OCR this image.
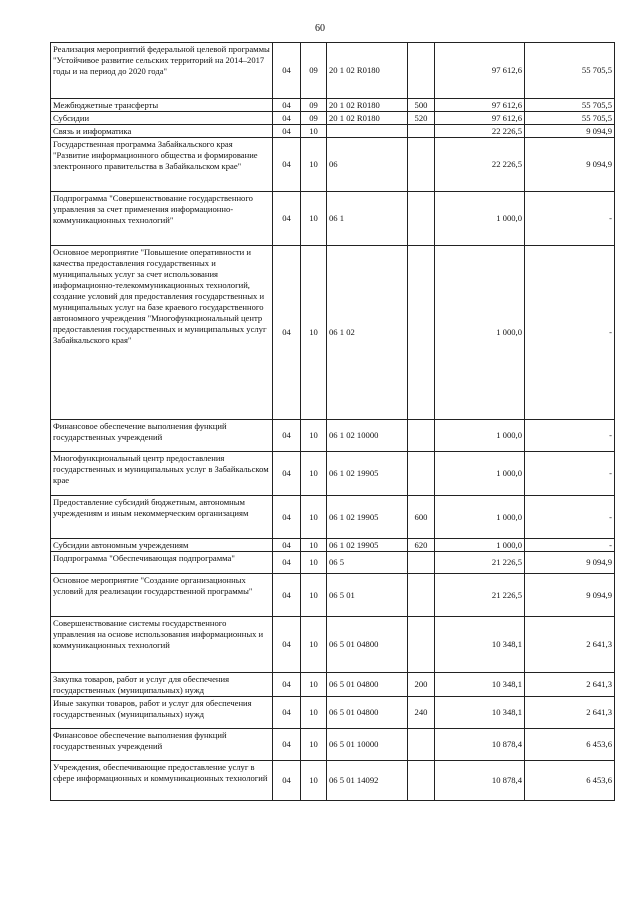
60
Реализация мероприятий федеральной целевой программы "Устойчивое развитие сельских территорий на 2014–2017 годы и на период до 2020 года"	04	09	20 1 02 R0180		97 612,6	55 705,5
Межбюджетные трансферты	04	09	20 1 02 R0180	500	97 612,6	55 705,5
Субсидии	04	09	20 1 02 R0180	520	97 612,6	55 705,5
Связь и информатика	04	10			22 226,5	9 094,9
Государственная программа Забайкальского края "Развитие информационного общества и формирование электронного правительства в Забайкальском крае"	04	10	06		22 226,5	9 094,9
Подпрограмма "Совершенствование государственного управления за счет применения информационно-коммуникационных технологий"	04	10	06 1		1 000,0	-
Основное мероприятие "Повышение оперативности и качества предоставления государственных и муниципальных услуг за счет использования информационно-телекоммуникационных технологий, создание условий для предоставления государственных и муниципальных услуг на базе краевого государственного автономного учреждения "Многофункциональный центр предоставления государственных и муниципальных услуг Забайкальского края"	04	10	06 1 02		1 000,0	-
Финансовое обеспечение выполнения функций государственных учреждений	04	10	06 1 02 10000		1 000,0	-
Многофункциональный центр предоставления государственных и муниципальных услуг в Забайкальском крае	04	10	06 1 02 19905		1 000,0	-
Предоставление субсидий бюджетным, автономным учреждениям и иным некоммерческим организациям	04	10	06 1 02 19905	600	1 000,0	-
Субсидии автономным учреждениям	04	10	06 1 02 19905	620	1 000,0	-
Подпрограмма "Обеспечивающая подпрограмма"	04	10	06 5		21 226,5	9 094,9
Основное мероприятие "Создание организационных условий для реализации государственной программы"	04	10	06 5 01		21 226,5	9 094,9
Совершенствование системы государственного управления на основе использования информационных и коммуникационных технологий	04	10	06 5 01 04800		10 348,1	2 641,3
Закупка товаров, работ и услуг для обеспечения государственных (муниципальных) нужд	04	10	06 5 01 04800	200	10 348,1	2 641,3
Иные закупки товаров, работ и услуг для обеспечения государственных (муниципальных) нужд	04	10	06 5 01 04800	240	10 348,1	2 641,3
Финансовое обеспечение выполнения функций государственных учреждений	04	10	06 5 01 10000		10 878,4	6 453,6
Учреждения, обеспечивающие предоставление услуг в сфере информационных и коммуникационных технологий	04	10	06 5 01 14092		10 878,4	6 453,6
